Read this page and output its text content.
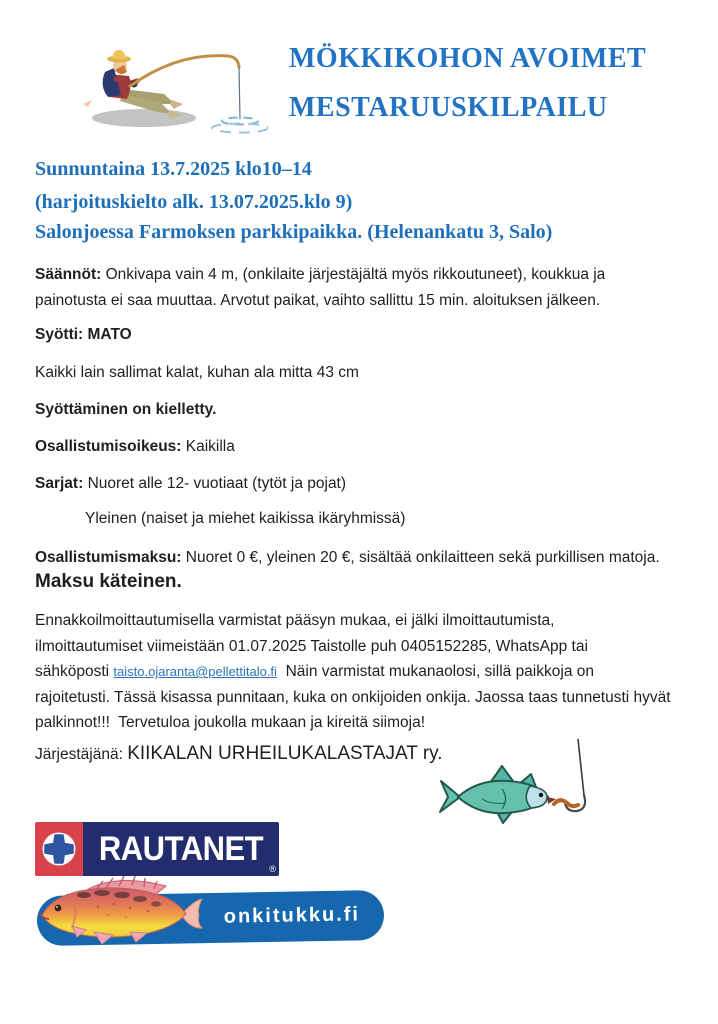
MÖKKIKOHON AVOIMET
MESTARUUSKILPAILU
Sunnuntaina 13.7.2025 klo10–14
(harjoituskielto alk. 13.07.2025.klo 9)
Salonjoessa Farmoksen parkkipaikka. (Helenankatu 3, Salo)
Säännöt: Onkivapa vain 4 m, (onkilaite järjestäjältä myös rikkoutuneet), koukkua ja
painotusta ei saa muuttaa. Arvotut paikat, vaihto sallittu 15 min. aloituksen jälkeen.
Syötti: MATO
Kaikki lain sallimat kalat, kuhan ala mitta 43 cm
Syöttäminen on kielletty.
Osallistumisoikeus: Kaikilla
Sarjat: Nuoret alle 12- vuotiaat (tytöt ja pojat)
Yleinen (naiset ja miehet kaikissa ikäryhmissä)
Osallistumismaksu: Nuoret 0 €, yleinen 20 €, sisältää onkilaitteen sekä purkillisen matoja.
Maksu käteinen.
Ennakkoilmoittautumisella varmistat pääsyn mukaa, ei jälki ilmoittautumista,
ilmoittautumiset viimeistään 01.07.2025 Taistolle puh 0405152285, WhatsApp tai
sähköposti taisto.ojaranta@pellettitalo.fi Näin varmistat mukanaolosi, sillä paikkoja on
rajoitetusti. Tässä kisassa punnitaan, kuka on onkijoiden onkija. Jaossa taas tunnetusti hyvät
palkinnot!!!  Tervetuloa joukolla mukaan ja kireitä siimoja!
Järjestäjänä: KIIKALAN URHEILUKALASTAJAT ry.
RAUTANET
®
onkitukku.fi
